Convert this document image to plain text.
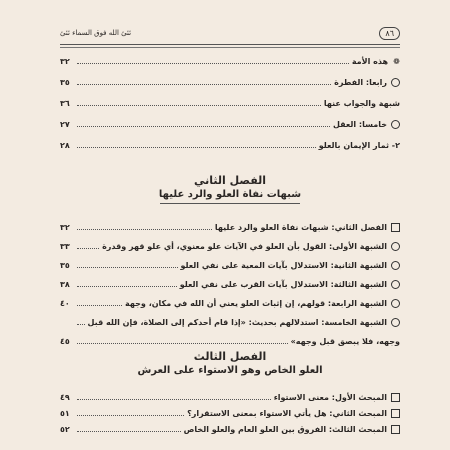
٨٦
ئئئ الله فوق السماء ئئئ
❁
هذه الأمة
٣٢
رابعا: الفطرة
٣٥
شبهة والجواب عنها
٣٦
خامسا: العقل
٢٧
٢- ثمار الإيمان بالعلو
٢٨
الفصل الثاني
شبهات نفاة العلو والرد عليها
الفصل الثاني: شبهات نفاة العلو والرد عليها
٣٢
الشبهة الأولى: القول بأن العلو في الآيات علو معنوي، أي علو قهر وقدرة
٣٣
الشبهة الثانية: الاستدلال بآيات المعية على نفي العلو
٣٥
الشبهة الثالثة: الاستدلال بآيات القرب على نفي العلو
٣٨
الشبهة الرابعة: قولهم، إن إثبات العلو يعني أن الله في مكان، وجهة
٤٠
الشبهة الخامسة: استدلالهم بحديث: «إذا قام أحدكم إلى الصلاة، فإن الله قبل
وجهه، فلا يبصق قبل وجهه»
٤٥
الفصل الثالث
العلو الخاص وهو الاستواء على العرش
المبحث الأول: معنى الاستواء
٤٩
المبحث الثاني: هل يأتي الاستواء بمعنى الاستقرار؟
٥١
المبحث الثالث: الفروق بين العلو العام والعلو الخاص
٥٢
